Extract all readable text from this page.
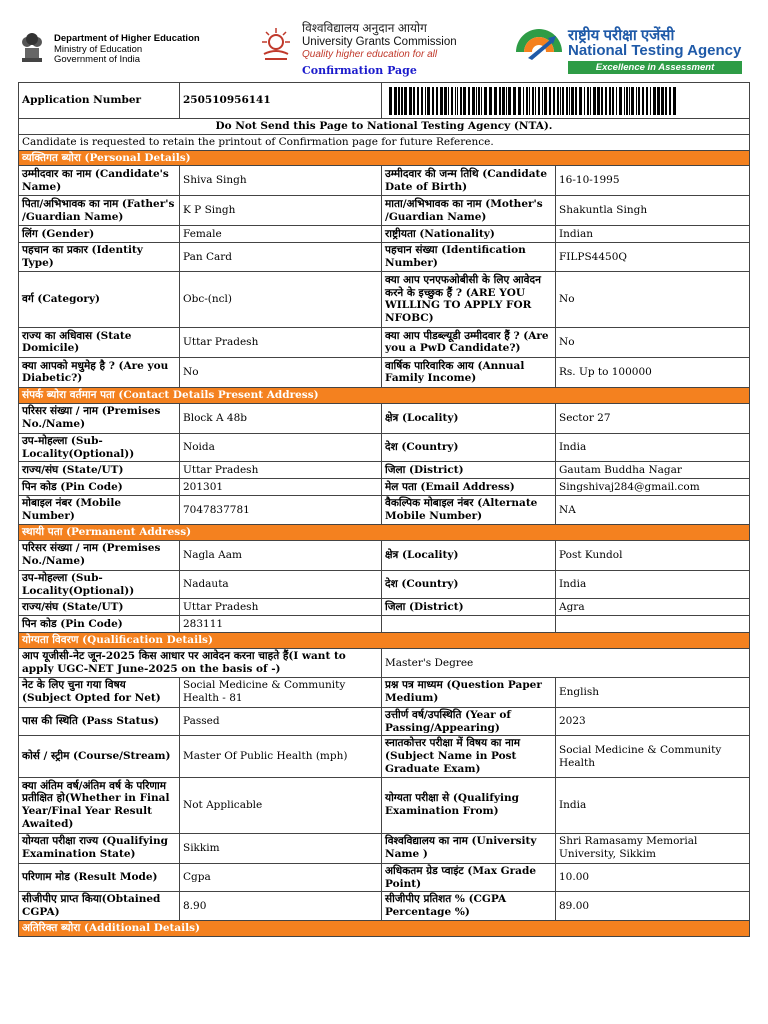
Department of Higher Education
Ministry of Education
Government of India
विश्वविद्यालय अनुदान आयोग
University Grants Commission
Quality higher education for all
Confirmation Page
राष्ट्रीय परीक्षा एजेंसी
National Testing Agency
Excellence in Assessment
Application Number	250510956141	

Do Not Send this Page to National Testing Agency (NTA).			
Candidate is requested to retain the printout of Confirmation page for future Reference.			
व्यक्तिगत ब्योरा (Personal Details)			
उम्मीदवार का नाम (Candidate's Name)	Shiva Singh	उम्मीदवार की जन्म तिथि (Candidate Date of Birth)	16-10-1995
पिता/अभिभावक का नाम (Father's /Guardian Name)	K P Singh	माता/अभिभावक का नाम (Mother's /Guardian Name)	Shakuntla Singh
लिंग (Gender)	Female	राष्ट्रीयता (Nationality)	Indian
पहचान का प्रकार (Identity Type)	Pan Card	पहचान संख्या (Identification Number)	FILPS4450Q
वर्ग (Category)	Obc-(ncl)	क्या आप एनएफओबीसी के लिए आवेदन करने के इच्छुक हैं ? (ARE YOU WILLING TO APPLY FOR NFOBC)	No
राज्य का अधिवास (State Domicile)	Uttar Pradesh	क्या आप पीडब्ल्यूडी उम्मीदवार हैं ? (Are you a PwD Candidate?)	No
क्या आपको मधुमेह है ? (Are you Diabetic?)	No	वार्षिक पारिवारिक आय (Annual Family Income)	Rs. Up to 100000
संपर्क ब्योरा वर्तमान पता (Contact Details Present Address)			
परिसर संख्या / नाम (Premises No./Name)	Block A 48b	क्षेत्र (Locality)	Sector 27
उप-मोहल्ला (Sub-Locality(Optional))	Noida	देश (Country)	India
राज्य/संघ (State/UT)	Uttar Pradesh	जिला (District)	Gautam Buddha Nagar
पिन कोड (Pin Code)	201301	मेल पता (Email Address)	Singshivaj284@gmail.com
मोबाइल नंबर (Mobile Number)	7047837781	वैकल्पिक मोबाइल नंबर (Alternate Mobile Number)	NA
स्थायी पता (Permanent Address)			
परिसर संख्या / नाम (Premises No./Name)	Nagla Aam	क्षेत्र (Locality)	Post Kundol
उप-मोहल्ला (Sub-Locality(Optional))	Nadauta	देश (Country)	India
राज्य/संघ (State/UT)	Uttar Pradesh	जिला (District)	Agra
पिन कोड (Pin Code)	283111		
योग्यता विवरण (Qualification Details)			
आप यूजीसी-नेट जून-2025 किस आधार पर आवेदन करना चाहते हैं(I want to apply UGC-NET June-2025 on the basis of -)		Master's Degree	
नेट के लिए चुना गया विषय (Subject Opted for Net)	Social Medicine & Community Health - 81	प्रश्न पत्र माध्यम (Question Paper Medium)	English
पास की स्थिति (Pass Status)	Passed	उत्तीर्ण वर्ष/उपस्थिति (Year of Passing/Appearing)	2023
कोर्स / स्ट्रीम (Course/Stream)	Master Of Public Health (mph)	स्नातकोत्तर परीक्षा में विषय का नाम (Subject Name in Post Graduate Exam)	Social Medicine & Community Health
क्या अंतिम वर्ष/अंतिम वर्ष के परिणाम प्रतीक्षित हो(Whether in Final Year/Final Year Result Awaited)	Not Applicable	योग्यता परीक्षा से (Qualifying Examination From)	India
योग्यता परीक्षा राज्य (Qualifying Examination State)	Sikkim	विश्वविद्यालय का नाम (University Name )	Shri Ramasamy Memorial University, Sikkim
परिणाम मोड (Result Mode)	Cgpa	अधिकतम ग्रेड प्वाइंट (Max Grade Point)	10.00
सीजीपीए प्राप्त किया(Obtained CGPA)	8.90	सीजीपीए प्रतिशत % (CGPA Percentage %)	89.00
अतिरिक्त ब्योरा (Additional Details)			
